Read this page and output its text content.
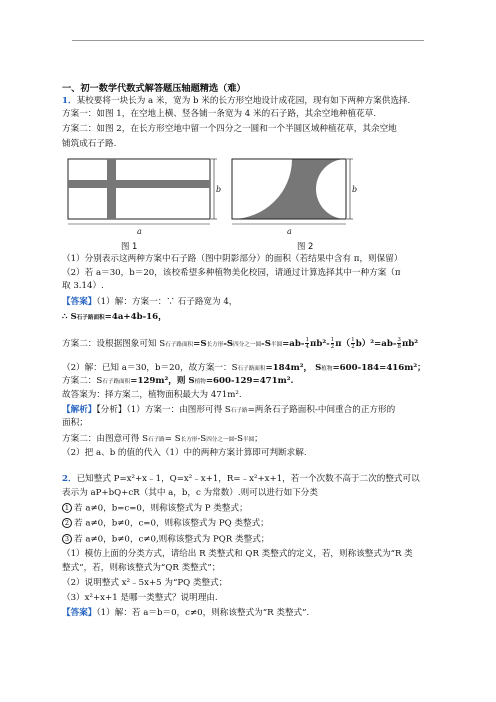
一、初一数学代数式解答题压轴题精选（难）
1．某校要将一块长为 a 米，宽为 b 米的长方形空地设计成花园，现有如下两种方案供选择.
方案一：如图 1，在空地上横、竖各铺一条宽为 4 米的石子路，其余空地种植花草.
方案二：如图 2，在长方形空地中留一个四分之一圆和一个半圆区域种植花草，其余空地
铺筑成石子路.
b
a
图 1
b
a
图 2
（1）分别表示这两种方案中石子路（图中阴影部分）的面积（若结果中含有 π，则保留）
（2）若 a＝30，b＝20，该校希望多种植物美化校园，请通过计算选择其中一种方案（π
取 3.14）.
【答案】（1）解：方案一：∵ 石子路宽为 4，
∴ S石子路面积=4a+4b-16，
方案二：设根据图象可知 S石子路面积=S长方形-S四分之一圆-S半圆$=ab- \frac{1}{4} \pi b^2- \frac{1}{2} \pi( \frac{1}{2} b)^2=ab- \frac{3}{8} \pi b^2$
（2）解：已知 a＝30，b＝20，故方案一：S石子路面积=184m²， S植物=600-184=416m²；
方案二：S石子路面积=129m²，则 S植物=600-129=471m².
故答案为：择方案二，植物面积最大为 471m².
【解析】【分析】（1）方案一：由图形可得 S石子路=两条石子路面积-中间重合的正方形的
面积；
方案二：由图意可得 S石子路= S长方形-S四分之一圆-S半圆；
（2）把 a、b 的值的代入（1）中的两种方案计算即可判断求解.
2．已知整式 P=x²+x﹣1，Q=x²﹣x+1，R=﹣x²+x+1，若一个次数不高于二次的整式可以
表示为 aP+bQ+cR（其中 a，b，c 为常数）.则可以进行如下分类
1 若 a≠0，b=c=0，则称该整式为 P 类整式；
2 若 a≠0，b≠0，c=0，则称该整式为 PQ 类整式；
3 若 a≠0，b≠0，c≠0,则称该整式为 PQR 类整式；
（1）模仿上面的分类方式，请给出 R 类整式和 QR 类整式的定义，若，则称该整式为“R 类
整式”，若，则称该整式为“QR 类整式”；
（2）说明整式 x²﹣5x+5 为“PQ 类整式；
（3）x²+x+1 是哪一类整式？说明理由.
【答案】（1）解：若 a＝b＝0，c≠0，则称该整式为“R 类整式”.
